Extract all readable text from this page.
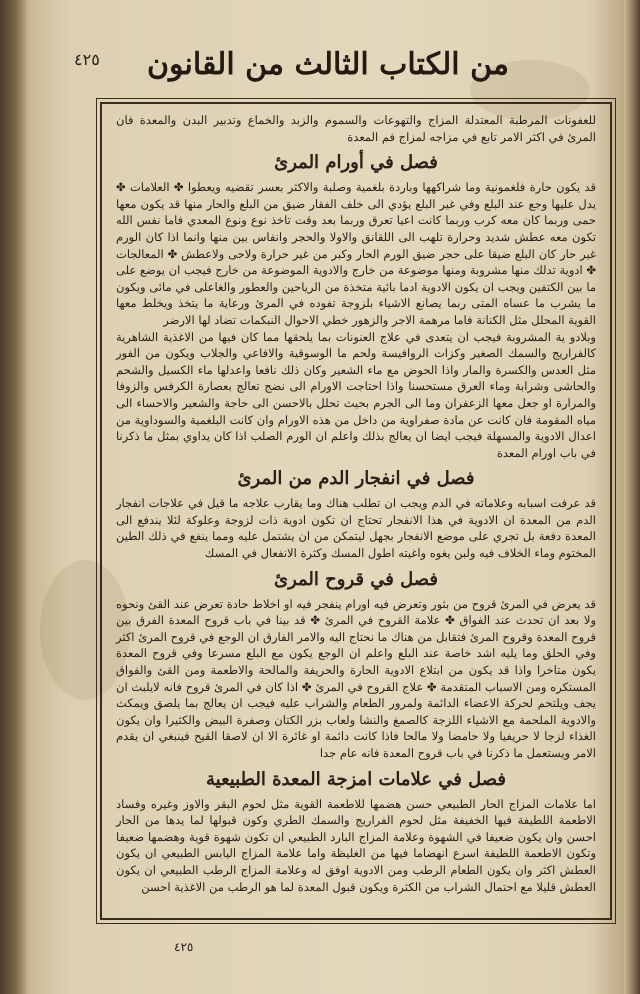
٤٢٥	من الكتاب الثالث من القانون

للعفونات المرطبة المعتدلة المزاج والتهوعات والسموم والزبد والخماع وتدبير البدن والمعدة فان المرئ في اكثر الامر تابع في مزاجه لمزاج فم المعدة

فصل في أورام المرئ

قد يكون حارة فلغمونية وما شراكهها وباردة بلغمية وصلبة والاكثر بعسر تقضيه ويعطوا ✤ العلامات ✤ يدل عليها وجع عند البلع وفي غير البلع يؤدي الى خلف الفقار ضيق من البلع والحار منها قد يكون معها حمى وربما كان معه كرب وربما كانت اعيا تعرق وربما بعد وقت تاخذ نوع ونوع المعدي فاما نفس الله تكون معه عطش شديد وحرارة تلهب الى اللقانق والاولا والحجر وانفاس بين منها وانما اذا كان الورم غير حار كان البلع ضيقا على حجر ضيق الورم الحار وكبر من غير حرارة ولاحى ولاعطش ✤ المعالجات ✤ ادوية تدلك منها مشروبة ومنها موضوعة من خارج والادوية الموضوعة من خارج فيجب ان يوضع على ما بين الكتفين ويجب ان يكون الادوية ادما بائية متخذة من الرياحين والعطور والغاعلى في مائى ويكون ما يشرب ما عساه المتى ربما يصانع الاشياء بلزوجة تفوده في المرئ ورعاية ما يتخذ ويخلط معها القوية المحلل مثل الكنانة فاما مرهمة الاجر والزهور خطي الاحوال النبكمات تضاد لها الارضر

وبلادو ية المشروبة فيجب ان يتعدى في علاج العنونات بما يلحقها مما كان فيها من الاغذية الشاهرية كالفراريج والسمك الصغير وكزات الروافيسة ولحم ما الوسوقية والافاعي والجلاب ويكون من الفور مثل العدس والكسرة والمار واذا الحوض مع ماء الشعير وكان ذلك نافعا واعدلها ماء الكسيل والشحم والحاشى وشرابة وماء العرق مستحسنا واذا احتاجت الاورام الى نضج تعالج بعصارة الكرفس والزوفا والمرارة او جعل معها الزعفران وما الى الجرم بحيث تحلل بالاحسن الى حاجة والشعير والاحساء الى مياه المقومة فان كانت عن مادة صفراوية من داخل من هذه الاورام وان كانت البلغمية والسوداوية من اعدال الادوية والمسهلة فيجب ايضا ان يعالج بذلك واعلم ان الورم الصلب اذا كان يداوي بمثل ما ذكرنا في باب اورام المعدة

فصل في انفجار الدم من المرئ

قد عرفت اسبابه وعلاماته في الدم ويجب ان تطلب هناك وما يقارب علاجه ما قيل في علاجات انفجار الدم من المعدة ان الادوية في هذا الانفجار تحتاج ان تكون ادوية ذات لزوجة وعلوكة لئلا يندفع الى المعدة دفعة بل تجري على موضع الانفجار بجهل ليتمكن من ان يشتمل عليه ومما ينفع في ذلك الطين المختوم وماء الخلاف فيه ولبن يغوه واغيته اطول المسك وكثرة الانفعال في المسك

فصل في قروح المرئ

قد يعرض في المرئ قروح من بثور وتعرض فيه اورام ينفجر فيه او اخلاط حادة تعرض عند القئ ونحوه ولا بعد ان تحدث عند الفواق ✤ علامة القروح في المرئ ✤ قد بينا في باب قروح المعدة الفرق بين قروح المعدة وقروح المرئ فتقابل من هناك ما نحتاج اليه والامر الفارق ان الوجع في قروح المرئ اكثر وفي الحلق وما يليه اشد خاصة عند البلع واعلم ان الوجع يكون مع البلع مسرعا وفي قروح المعدة يكون متاخرا واذا قد يكون من ابتلاع الادوية الحارة والحريفة والمالحة والاطعمة ومن القئ والفواق المستكره ومن الاسباب المتقدمة ✤ علاج القروح في المرئ ✤ اذا كان في المرئ قروح فانه لايلبث ان يجف ويلتحم لحركة الاعضاء الدائمة ولمرور الطعام والشراب عليه فيجب ان يعالج بما يلصق ويمكث والادوية الملحمة مع الاشياء اللزجة كالصمغ والنشا ولعاب بزر الكتان وصفرة البيض والكثيرا وان يكون الغذاء لزجا لا حريفيا ولا حامضا ولا مالحا فاذا كانت دائمة او غائرة الا ان لاصقا القيح فينبغي ان يقدم الامر ويستعمل ما ذكرنا في باب قروح المعدة فانه عام جدا

فصل في علامات امزجة المعدة الطبيعية

اما علامات المزاج الحار الطبيعي حسن هضمها للاطعمة القوية مثل لحوم البقر والاوز وغيره وفساد الاطعمة اللطيفة فيها الخفيفة مثل لحوم الفراريج والسمك الطري وكون قبولها لما يدها من الحار احسن وان يكون ضعيفا في الشهوة وعلامة المزاج البارد الطبيعي ان تكون شهوة قوية وهضمها ضعيفا وتكون الاطعمة اللطيفة اسرع انهضاما فيها من الغليظة واما علامة المزاج اليابس الطبيعي ان يكون العطش اكثر وان يكون الطعام الرطب ومن الادوية اوفق له وعلامة المزاج الرطب الطبيعي ان يكون العطش قليلا مع احتمال الشراب من الكثرة ويكون قبول المعدة لما هو الرطب من الاغذية احسن

٤٢٥
